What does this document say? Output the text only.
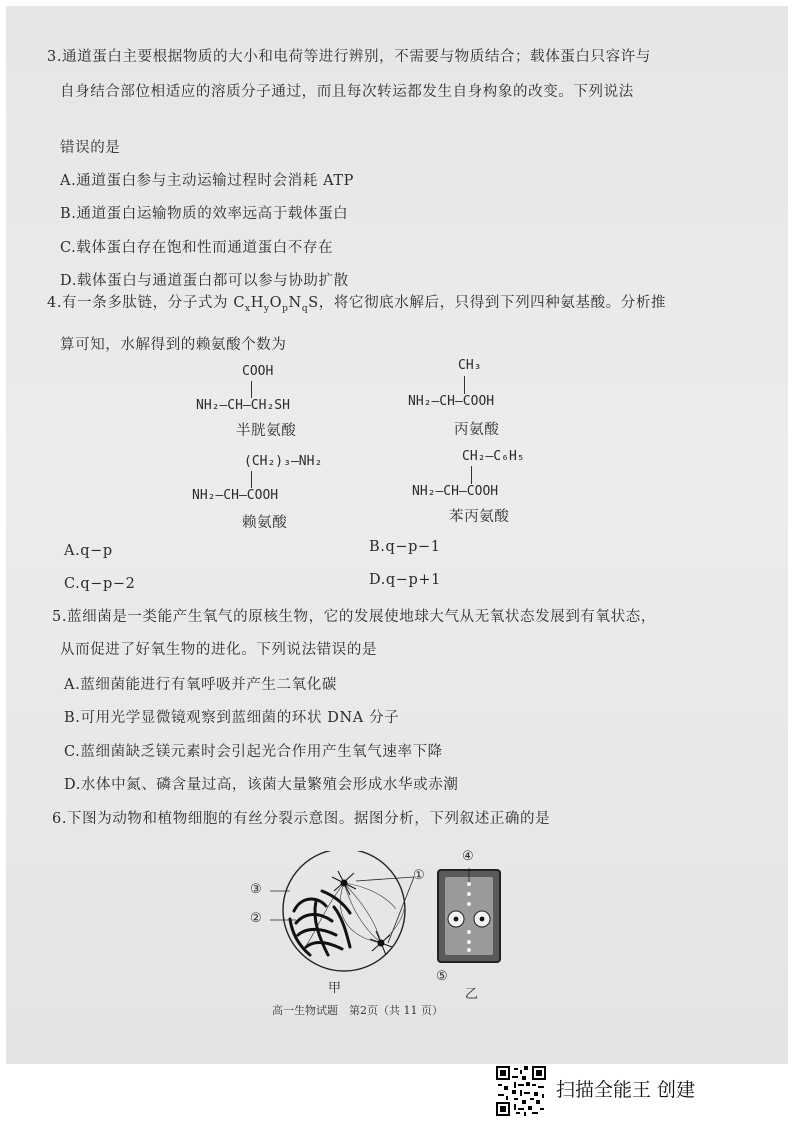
3.通道蛋白主要根据物质的大小和电荷等进行辨别，不需要与物质结合；载体蛋白只容许与
自身结合部位相适应的溶质分子通过，而且每次转运都发生自身构象的改变。下列说法
错误的是
A.通道蛋白参与主动运输过程时会消耗 ATP
B.通道蛋白运输物质的效率远高于载体蛋白
C.载体蛋白存在饱和性而通道蛋白不存在
D.载体蛋白与通道蛋白都可以参与协助扩散
4.有一条多肽链，分子式为 $C_xH_yO_pN_qS$，将它彻底水解后，只得到下列四种氨基酸。分析推
算可知，水解得到的赖氨酸个数为
COOH
NH₂—CH—CH₂SH
半胱氨酸
CH₃
NH₂—CH—COOH
丙氨酸
(CH₂)₃—NH₂
NH₂—CH—COOH
赖氨酸
CH₂—C₆H₅
NH₂—CH—COOH
苯丙氨酸
A.q−p	B.q−p−1
C.q−p−2	D.q−p+1
5.蓝细菌是一类能产生氧气的原核生物，它的发展使地球大气从无氧状态发展到有氧状态，
从而促进了好氧生物的进化。下列说法错误的是
A.蓝细菌能进行有氧呼吸并产生二氧化碳
B.可用光学显微镜观察到蓝细菌的环状 DNA 分子
C.蓝细菌缺乏镁元素时会引起光合作用产生氧气速率下降
D.水体中氮、磷含量过高，该菌大量繁殖会形成水华或赤潮
6.下图为动物和植物细胞的有丝分裂示意图。据图分析，下列叙述正确的是
③
②
①
甲
④
⑤
乙
高一生物试题　第2页（共 11 页）
扫描全能王 创建
